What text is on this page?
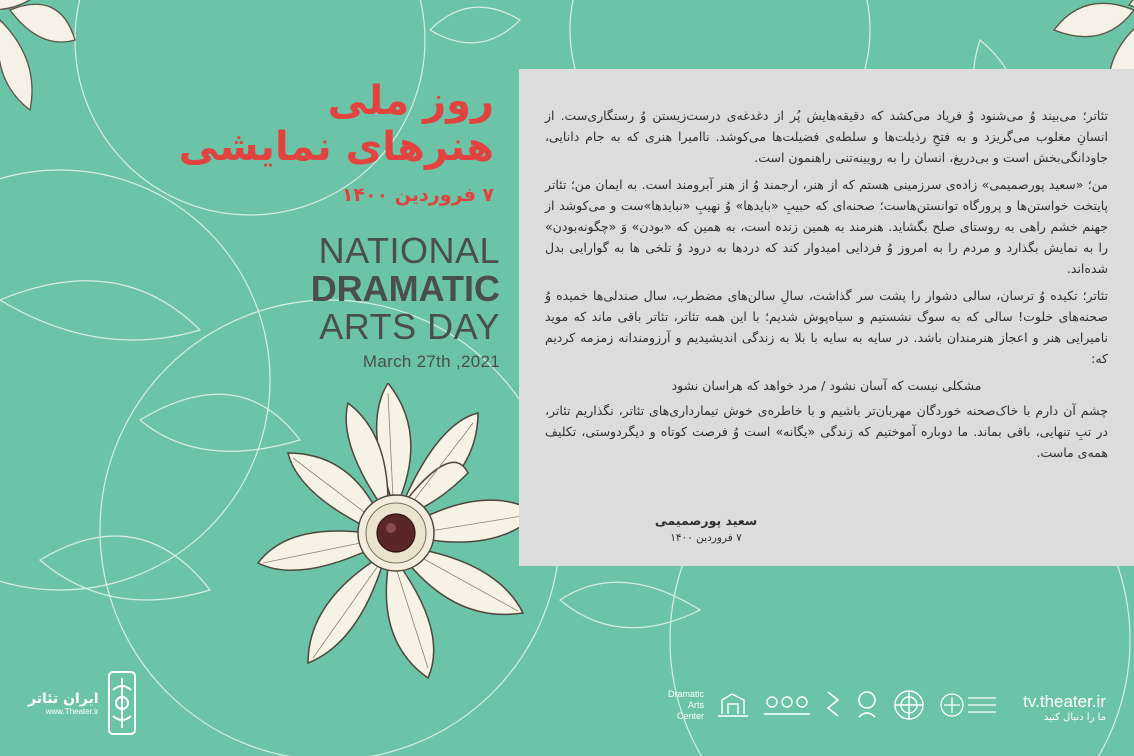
روز ملی
هنرهای نمایشی
۷ فروردین ۱۴۰۰
NATIONAL
DRAMATIC
ARTS DAY
March 27th ,2021

تئاتر؛ می‌بیند وُ می‌شنود وُ فریاد می‌کشد که دقیقه‌هایش پُر از دغدغه‌ی درست‌زیستن وُ رستگاری‌ست. از انسانِ مغلوب می‌گریزد و به فتحِ رذیلت‌ها و سلطه‌ی فضیلت‌ها می‌کوشد. ناامیرا هنری که به جام دانایی، جاودانگی‌بخش است و بی‌دریغ، انسان را به رویینه‌تنی راهنمون است.

من؛ «سعید پورصمیمی» زاده‌ی سرزمینی هستم که از هنر، ارجمند وُ از هنر آبرومند است. به ایمان من؛ تئاتر پایتخت خواستن‌ها و پرورگاه توانستن‌هاست؛ صحنه‌ای که حبیبِ «بایدها» وُ نهیبِ «نبایدها»ست و می‌کوشد از جهنم خشم راهی به روستای صلح بگشاید. هنرمند به همین زنده است، به همین که «بودن» وَ «چگونه‌بودن» را به نمایش بگذارد و مردم را به امروز وُ فردایی امیدوار کند که دردها به درود وُ تلخی ها به گوارایی بدل شده‌اند.

تئاتر؛ تکیده وُ ترسان، سالی دشوار را پشت سر گذاشت، سالِ سالن‌های مضطرب، سال صندلی‌ها خمیده وُ صحنه‌های خلوت! سالی که به سوگ نشستیم و سیاه‌پوش شدیم؛ با این همه تئاتر، تئاتر باقی ماند که موید نامیرایی هنر و اعجاز هنرمندان باشد. در سایه به سایه با بلا به زندگی اندیشیدیم و آرزومندانه زمزمه کردیم که:

مشکلی نیست که آسان نشود / مرد خواهد که هراسان نشود

چشم آن دارم با خاک‌صحنه خوردگان مهربان‌تر باشیم و با خاطره‌ی خوش تیمارداری‌های تئاتر، نگذاریم تئاتر، در تبِ تنهایی، باقی بماند. ما دوباره آموختیم که زندگی «یگانه» است وُ فرصت کوتاه و دیگردوستی، تکلیف همه‌ی ماست.

سعید پورصمیمی
۷ فروردین ۱۴۰۰
ایران تئاتر
www.Theater.ir
Dramatic Arts Center
tv.theater.ir
ما را دنبال کنید
